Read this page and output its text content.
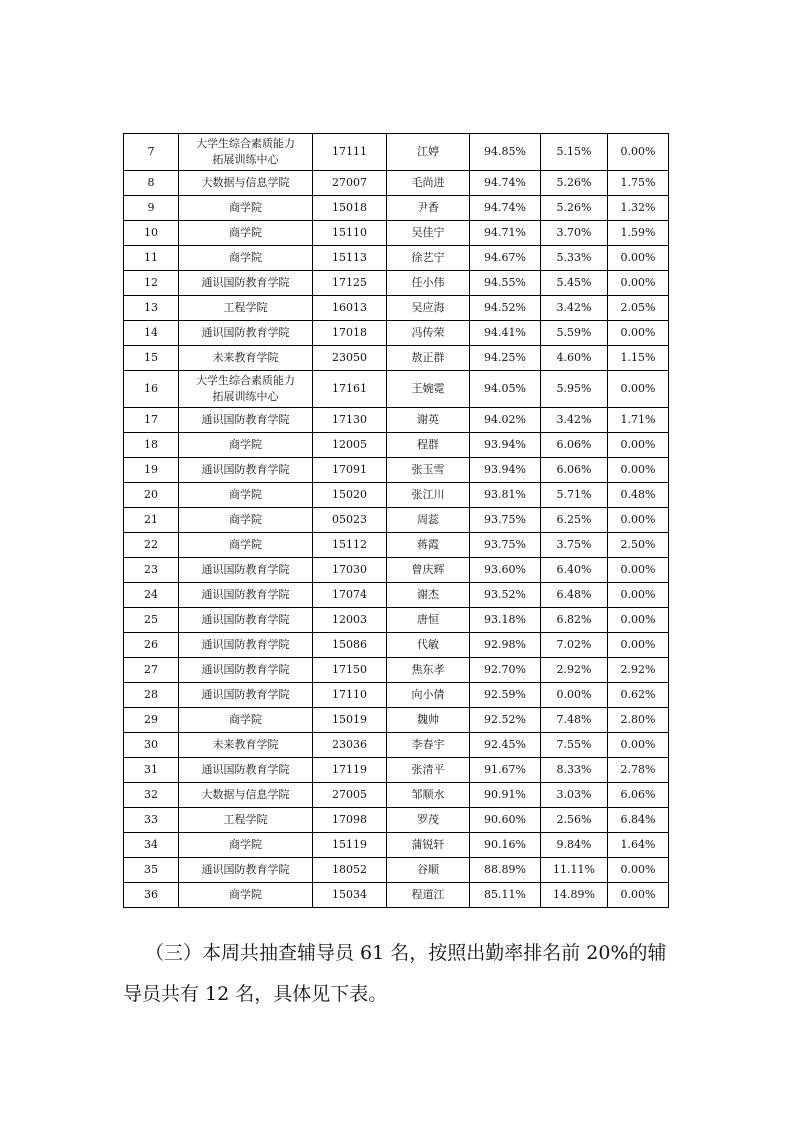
7	大学生综合素质能力
拓展训练中心	17111	江婷	94.85%	5.15%	0.00%
8	大数据与信息学院	27007	毛尚进	94.74%	5.26%	1.75%
9	商学院	15018	尹香	94.74%	5.26%	1.32%
10	商学院	15110	吴佳宁	94.71%	3.70%	1.59%
11	商学院	15113	徐艺宁	94.67%	5.33%	0.00%
12	通识国防教育学院	17125	任小伟	94.55%	5.45%	0.00%
13	工程学院	16013	吴应海	94.52%	3.42%	2.05%
14	通识国防教育学院	17018	冯传荣	94.41%	5.59%	0.00%
15	未来教育学院	23050	敖正群	94.25%	4.60%	1.15%
16	大学生综合素质能力
拓展训练中心	17161	王婉霓	94.05%	5.95%	0.00%
17	通识国防教育学院	17130	谢英	94.02%	3.42%	1.71%
18	商学院	12005	程群	93.94%	6.06%	0.00%
19	通识国防教育学院	17091	张玉雪	93.94%	6.06%	0.00%
20	商学院	15020	张江川	93.81%	5.71%	0.48%
21	商学院	05023	周蕊	93.75%	6.25%	0.00%
22	商学院	15112	蒋霞	93.75%	3.75%	2.50%
23	通识国防教育学院	17030	曾庆辉	93.60%	6.40%	0.00%
24	通识国防教育学院	17074	谢杰	93.52%	6.48%	0.00%
25	通识国防教育学院	12003	唐恒	93.18%	6.82%	0.00%
26	通识国防教育学院	15086	代敏	92.98%	7.02%	0.00%
27	通识国防教育学院	17150	焦东孝	92.70%	2.92%	2.92%
28	通识国防教育学院	17110	向小倩	92.59%	0.00%	0.62%
29	商学院	15019	魏帅	92.52%	7.48%	2.80%
30	未来教育学院	23036	李春宇	92.45%	7.55%	0.00%
31	通识国防教育学院	17119	张清平	91.67%	8.33%	2.78%
32	大数据与信息学院	27005	邹顺水	90.91%	3.03%	6.06%
33	工程学院	17098	罗茂	90.60%	2.56%	6.84%
34	商学院	15119	蒲锐轩	90.16%	9.84%	1.64%
35	通识国防教育学院	18052	谷顺	88.89%	11.11%	0.00%
36	商学院	15034	程道江	85.11%	14.89%	0.00%

（三）本周共抽查辅导员 61 名，按照出勤率排名前 20%的辅

导员共有 12 名，具体见下表。
